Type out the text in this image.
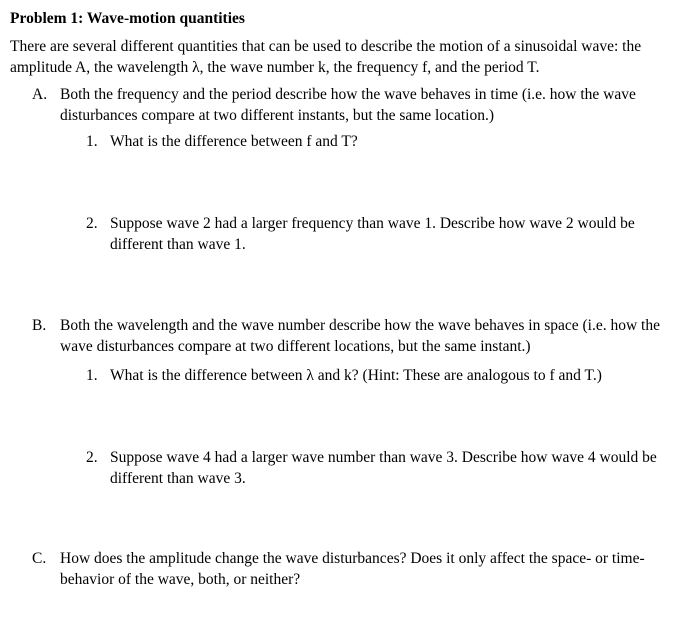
Problem 1: Wave-motion quantities
There are several different quantities that can be used to describe the motion of a sinusoidal wave: the amplitude A, the wavelength λ, the wave number k, the frequency f, and the period T.
A. Both the frequency and the period describe how the wave behaves in time (i.e. how the wave disturbances compare at two different instants, but the same location.)
1. What is the difference between f and T?
2. Suppose wave 2 had a larger frequency than wave 1. Describe how wave 2 would be different than wave 1.
B. Both the wavelength and the wave number describe how the wave behaves in space (i.e. how the wave disturbances compare at two different locations, but the same instant.)
1. What is the difference between λ and k? (Hint: These are analogous to f and T.)
2. Suppose wave 4 had a larger wave number than wave 3. Describe how wave 4 would be different than wave 3.
C. How does the amplitude change the wave disturbances? Does it only affect the space- or time-behavior of the wave, both, or neither?
